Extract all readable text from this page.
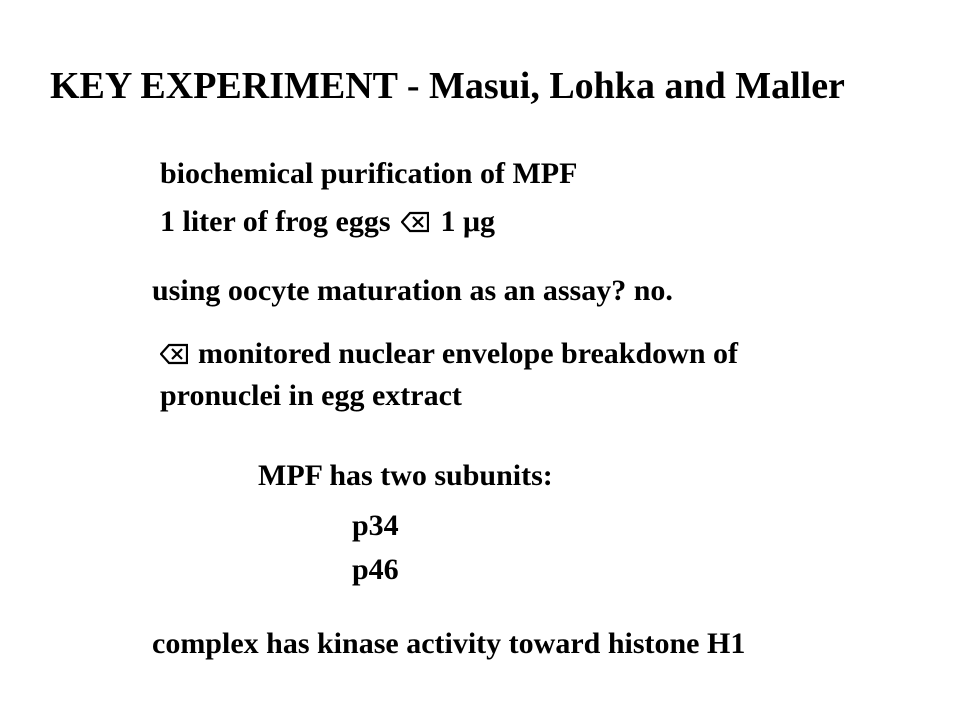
KEY EXPERIMENT - Masui, Lohka and Maller
biochemical purification of MPF
1 liter of frog eggs 1 μg
using oocyte maturation as an assay? no.
monitored nuclear envelope breakdown of
pronuclei in egg extract
MPF has two subunits:
p34
p46
complex has kinase activity toward histone H1
